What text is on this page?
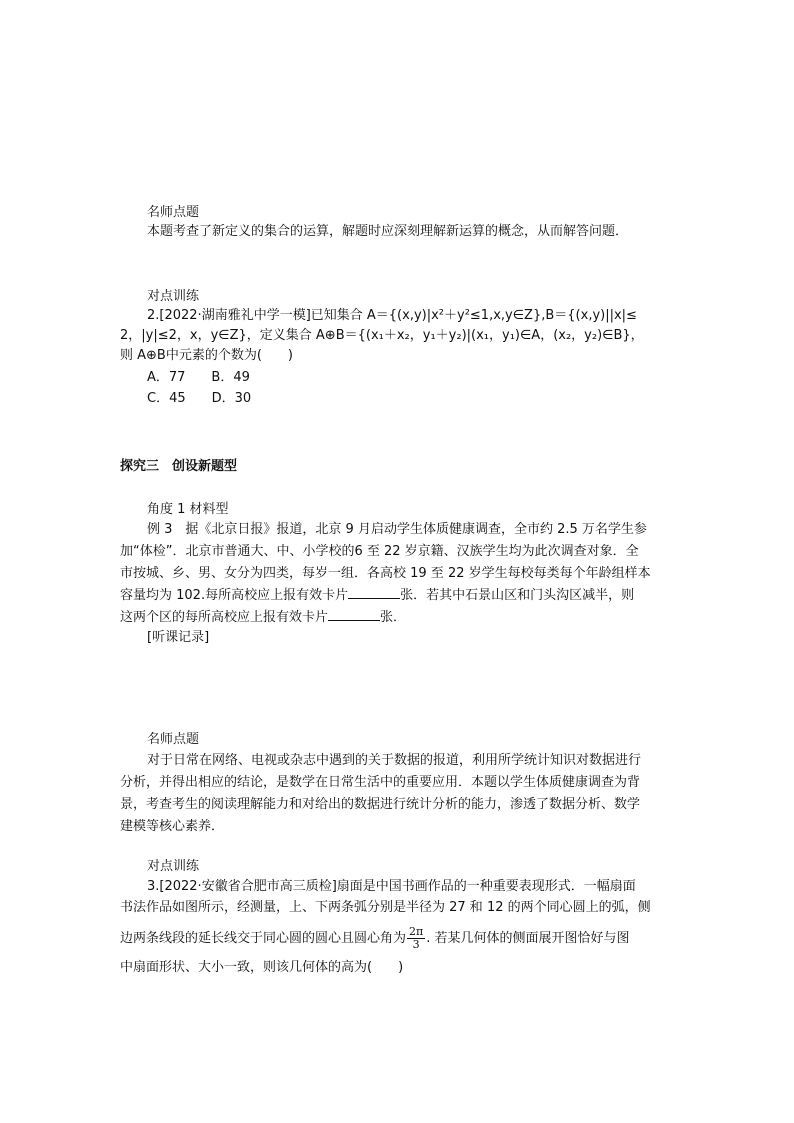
名师点题
本题考查了新定义的集合的运算，解题时应深刻理解新运算的概念，从而解答问题．
对点训练
2.[2022·湖南雅礼中学一模]已知集合 A＝{(x,y)|x²＋y²≤1,x,y∈Z},B＝{(x,y)||x|≤
2，|y|≤2，x，y∈Z}，定义集合 A⊕B＝{(x₁＋x₂，y₁＋y₂)|(x₁，y₁)∈A，(x₂，y₂)∈B}，
则 A⊕B中元素的个数为(　　)
A．77　　B．49
C．45　　D．30
探究三　创设新题型
角度 1 材料型
例 3　据《北京日报》报道，北京 9 月启动学生体质健康调查，全市约 2.5 万名学生参
加“体检”．北京市普通大、中、小学校的6 至 22 岁京籍、汉族学生均为此次调查对象．全
市按城、乡、男、女分为四类，每岁一组．各高校 19 至 22 岁学生每校每类每个年龄组样本
容量均为 102.每所高校应上报有效卡片	张．若其中石景山区和门头沟区减半，则
这两个区的每所高校应上报有效卡片	张．
[听课记录]
名师点题
对于日常在网络、电视或杂志中遇到的关于数据的报道，利用所学统计知识对数据进行
分析，并得出相应的结论，是数学在日常生活中的重要应用．本题以学生体质健康调查为背
景，考查考生的阅读理解能力和对给出的数据进行统计分析的能力，渗透了数据分析、数学
建模等核心素养．
对点训练
3.[2022·安徽省合肥市高三质检]扇面是中国书画作品的一种重要表现形式．一幅扇面
书法作品如图所示，经测量，上、下两条弧分别是半径为 27 和 12 的两个同心圆上的弧，侧
边两条线段的延长线交于同心圆的圆心且圆心角为 $\frac{2\pi}{3}$ . 若某几何体的侧面展开图恰好与图
中扇面形状、大小一致，则该几何体的高为(　　)
